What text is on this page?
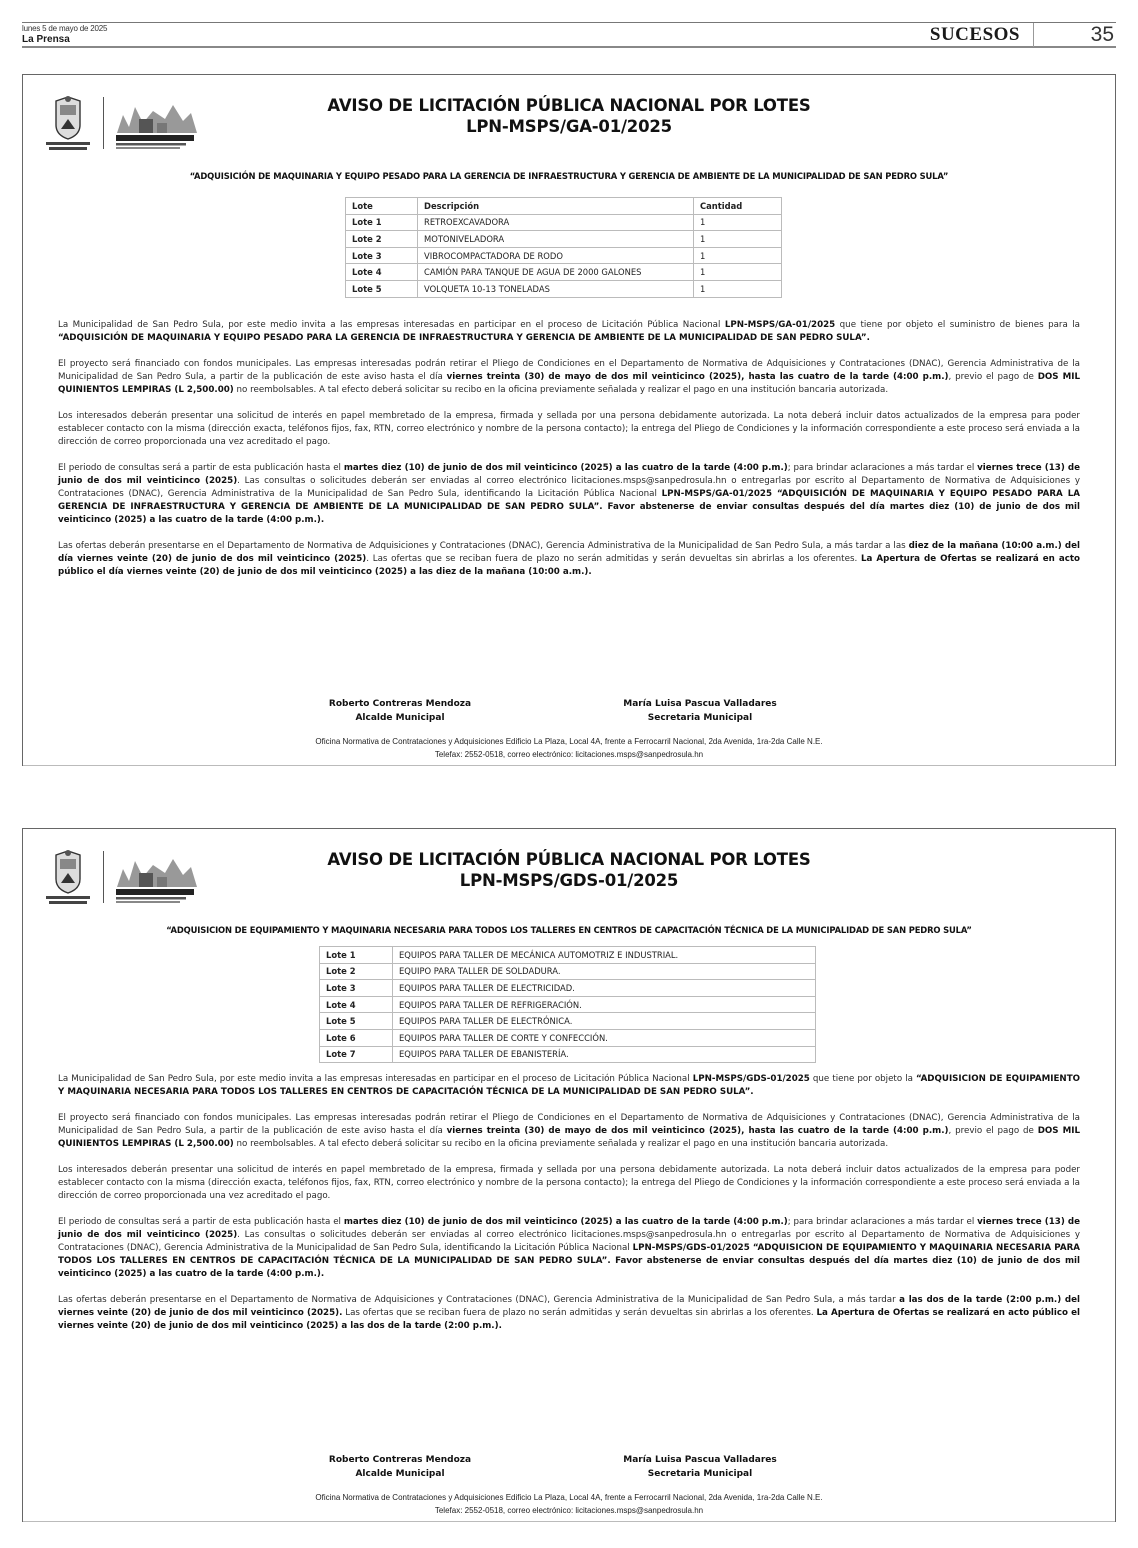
lunes 5 de mayo de 2025
La Prensa	SUCESOS	35
AVISO DE LICITACIÓN PÚBLICA NACIONAL POR LOTES
LPN-MSPS/GA-01/2025
“ADQUISICIÓN DE MAQUINARIA Y EQUIPO PESADO PARA LA GERENCIA DE INFRAESTRUCTURA Y GERENCIA DE AMBIENTE DE LA MUNICIPALIDAD DE SAN PEDRO SULA”
Lote	Descripción	Cantidad
Lote 1	RETROEXCAVADORA	1
Lote 2	MOTONIVELADORA	1
Lote 3	VIBROCOMPACTADORA DE RODO	1
Lote 4	CAMIÓN PARA TANQUE DE AGUA DE 2000 GALONES	1
Lote 5	VOLQUETA 10-13 TONELADAS	1

La Municipalidad de San Pedro Sula, por este medio invita a las empresas interesadas en participar en el proceso de Licitación Pública Nacional LPN-MSPS/GA-01/2025 que tiene por objeto el suministro de bienes para la “ADQUISICIÓN DE MAQUINARIA Y EQUIPO PESADO PARA LA GERENCIA DE INFRAESTRUCTURA Y GERENCIA DE AMBIENTE DE LA MUNICIPALIDAD DE SAN PEDRO SULA”.

El proyecto será financiado con fondos municipales. Las empresas interesadas podrán retirar el Pliego de Condiciones en el Departamento de Normativa de Adquisiciones y Contrataciones (DNAC), Gerencia Administrativa de la Municipalidad de San Pedro Sula, a partir de la publicación de este aviso hasta el día viernes treinta (30) de mayo de dos mil veinticinco (2025), hasta las cuatro de la tarde (4:00 p.m.), previo el pago de DOS MIL QUINIENTOS LEMPIRAS (L 2,500.00) no reembolsables. A tal efecto deberá solicitar su recibo en la oficina previamente señalada y realizar el pago en una institución bancaria autorizada.

Los interesados deberán presentar una solicitud de interés en papel membretado de la empresa, firmada y sellada por una persona debidamente autorizada. La nota deberá incluir datos actualizados de la empresa para poder establecer contacto con la misma (dirección exacta, teléfonos fijos, fax, RTN, correo electrónico y nombre de la persona contacto); la entrega del Pliego de Condiciones y la información correspondiente a este proceso será enviada a la dirección de correo proporcionada una vez acreditado el pago.

El periodo de consultas será a partir de esta publicación hasta el martes diez (10) de junio de dos mil veinticinco (2025) a las cuatro de la tarde (4:00 p.m.); para brindar aclaraciones a más tardar el viernes trece (13) de junio de dos mil veinticinco (2025). Las consultas o solicitudes deberán ser enviadas al correo electrónico licitaciones.msps@sanpedrosula.hn o entregarlas por escrito al Departamento de Normativa de Adquisiciones y Contrataciones (DNAC), Gerencia Administrativa de la Municipalidad de San Pedro Sula, identificando la Licitación Pública Nacional LPN-MSPS/GA-01/2025 “ADQUISICIÓN DE MAQUINARIA Y EQUIPO PESADO PARA LA GERENCIA DE INFRAESTRUCTURA Y GERENCIA DE AMBIENTE DE LA MUNICIPALIDAD DE SAN PEDRO SULA”. Favor abstenerse de enviar consultas después del día martes diez (10) de junio de dos mil veinticinco (2025) a las cuatro de la tarde (4:00 p.m.).

Las ofertas deberán presentarse en el Departamento de Normativa de Adquisiciones y Contrataciones (DNAC), Gerencia Administrativa de la Municipalidad de San Pedro Sula, a más tardar a las diez de la mañana (10:00 a.m.) del día viernes veinte (20) de junio de dos mil veinticinco (2025). Las ofertas que se reciban fuera de plazo no serán admitidas y serán devueltas sin abrirlas a los oferentes. La Apertura de Ofertas se realizará en acto público el día viernes veinte (20) de junio de dos mil veinticinco (2025) a las diez de la mañana (10:00 a.m.).

Roberto Contreras Mendoza
Alcalde Municipal
María Luisa Pascua Valladares
Secretaria Municipal
Oficina Normativa de Contrataciones y Adquisiciones Edificio La Plaza, Local 4A, frente a Ferrocarril Nacional, 2da Avenida, 1ra-2da Calle N.E.
Telefax: 2552-0518, correo electrónico: licitaciones.msps@sanpedrosula.hn
AVISO DE LICITACIÓN PÚBLICA NACIONAL POR LOTES
LPN-MSPS/GDS-01/2025
“ADQUISICION DE EQUIPAMIENTO Y MAQUINARIA NECESARIA PARA TODOS LOS TALLERES EN CENTROS DE CAPACITACIÓN TÉCNICA DE LA MUNICIPALIDAD DE SAN PEDRO SULA”
Lote 1	EQUIPOS PARA TALLER DE MECÁNICA AUTOMOTRIZ E INDUSTRIAL.
Lote 2	EQUIPO PARA TALLER DE SOLDADURA.
Lote 3	EQUIPOS PARA TALLER DE ELECTRICIDAD.
Lote 4	EQUIPOS PARA TALLER DE REFRIGERACIÓN.
Lote 5	EQUIPOS PARA TALLER DE ELECTRÓNICA.
Lote 6	EQUIPOS PARA TALLER DE CORTE Y CONFECCIÓN.
Lote 7	EQUIPOS PARA TALLER DE EBANISTERÍA.

La Municipalidad de San Pedro Sula, por este medio invita a las empresas interesadas en participar en el proceso de Licitación Pública Nacional LPN-MSPS/GDS-01/2025 que tiene por objeto la “ADQUISICION DE EQUIPAMIENTO Y MAQUINARIA NECESARIA PARA TODOS LOS TALLERES EN CENTROS DE CAPACITACIÓN TÉCNICA DE LA MUNICIPALIDAD DE SAN PEDRO SULA”.

El proyecto será financiado con fondos municipales. Las empresas interesadas podrán retirar el Pliego de Condiciones en el Departamento de Normativa de Adquisiciones y Contrataciones (DNAC), Gerencia Administrativa de la Municipalidad de San Pedro Sula, a partir de la publicación de este aviso hasta el día viernes treinta (30) de mayo de dos mil veinticinco (2025), hasta las cuatro de la tarde (4:00 p.m.), previo el pago de DOS MIL QUINIENTOS LEMPIRAS (L 2,500.00) no reembolsables. A tal efecto deberá solicitar su recibo en la oficina previamente señalada y realizar el pago en una institución bancaria autorizada.

Los interesados deberán presentar una solicitud de interés en papel membretado de la empresa, firmada y sellada por una persona debidamente autorizada. La nota deberá incluir datos actualizados de la empresa para poder establecer contacto con la misma (dirección exacta, teléfonos fijos, fax, RTN, correo electrónico y nombre de la persona contacto); la entrega del Pliego de Condiciones y la información correspondiente a este proceso será enviada a la dirección de correo proporcionada una vez acreditado el pago.

El periodo de consultas será a partir de esta publicación hasta el martes diez (10) de junio de dos mil veinticinco (2025) a las cuatro de la tarde (4:00 p.m.); para brindar aclaraciones a más tardar el viernes trece (13) de junio de dos mil veinticinco (2025). Las consultas o solicitudes deberán ser enviadas al correo electrónico licitaciones.msps@sanpedrosula.hn o entregarlas por escrito al Departamento de Normativa de Adquisiciones y Contrataciones (DNAC), Gerencia Administrativa de la Municipalidad de San Pedro Sula, identificando la Licitación Pública Nacional LPN-MSPS/GDS-01/2025 “ADQUISICION DE EQUIPAMIENTO Y MAQUINARIA NECESARIA PARA TODOS LOS TALLERES EN CENTROS DE CAPACITACIÓN TÉCNICA DE LA MUNICIPALIDAD DE SAN PEDRO SULA”. Favor abstenerse de enviar consultas después del día martes diez (10) de junio de dos mil veinticinco (2025) a las cuatro de la tarde (4:00 p.m.).

Las ofertas deberán presentarse en el Departamento de Normativa de Adquisiciones y Contrataciones (DNAC), Gerencia Administrativa de la Municipalidad de San Pedro Sula, a más tardar a las dos de la tarde (2:00 p.m.) del viernes veinte (20) de junio de dos mil veinticinco (2025). Las ofertas que se reciban fuera de plazo no serán admitidas y serán devueltas sin abrirlas a los oferentes. La Apertura de Ofertas se realizará en acto público el viernes veinte (20) de junio de dos mil veinticinco (2025) a las dos de la tarde (2:00 p.m.).

Roberto Contreras Mendoza
Alcalde Municipal
María Luisa Pascua Valladares
Secretaria Municipal
Oficina Normativa de Contrataciones y Adquisiciones Edificio La Plaza, Local 4A, frente a Ferrocarril Nacional, 2da Avenida, 1ra-2da Calle N.E.
Telefax: 2552-0518, correo electrónico: licitaciones.msps@sanpedrosula.hn
